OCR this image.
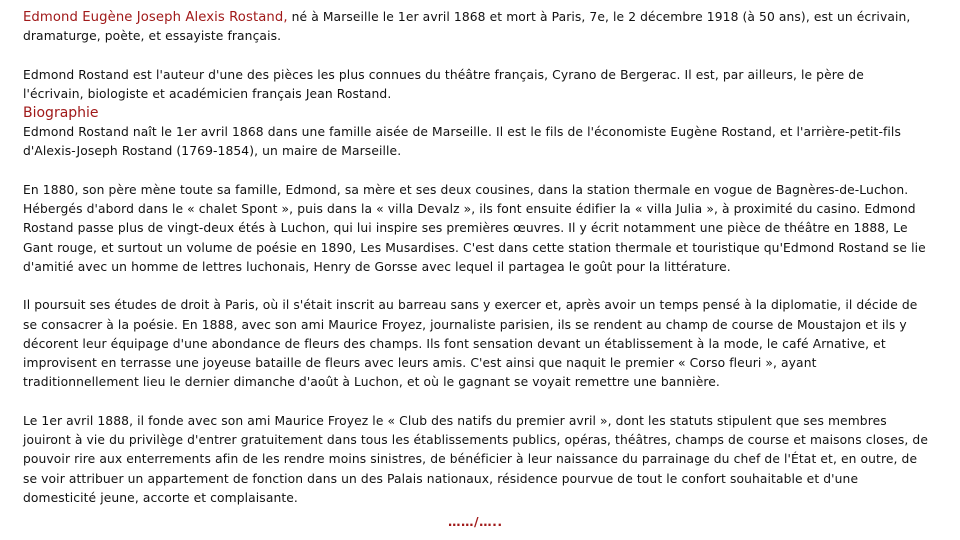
Edmond Eugène Joseph Alexis Rostand, né à Marseille le 1er avril 1868 et mort à Paris, 7e, le 2 décembre 1918 (à 50 ans), est un écrivain, dramaturge, poète, et essayiste français.

Edmond Rostand est l'auteur d'une des pièces les plus connues du théâtre français, Cyrano de Bergerac. Il est, par ailleurs, le père de l'écrivain, biologiste et académicien français Jean Rostand.

Biographie

Edmond Rostand naît le 1er avril 1868 dans une famille aisée de Marseille. Il est le fils de l'économiste Eugène Rostand, et l'arrière-petit-fils d'Alexis-Joseph Rostand (1769-1854), un maire de Marseille.

En 1880, son père mène toute sa famille, Edmond, sa mère et ses deux cousines, dans la station thermale en vogue de Bagnères-de-Luchon. Hébergés d'abord dans le « chalet Spont », puis dans la « villa Devalz », ils font ensuite édifier la « villa Julia », à proximité du casino. Edmond Rostand passe plus de vingt-deux étés à Luchon, qui lui inspire ses premières œuvres. Il y écrit notamment une pièce de théâtre en 1888, Le Gant rouge, et surtout un volume de poésie en 1890, Les Musardises. C'est dans cette station thermale et touristique qu'Edmond Rostand se lie d'amitié avec un homme de lettres luchonais, Henry de Gorsse avec lequel il partagea le goût pour la littérature.

Il poursuit ses études de droit à Paris, où il s'était inscrit au barreau sans y exercer et, après avoir un temps pensé à la diplomatie, il décide de se consacrer à la poésie. En 1888, avec son ami Maurice Froyez, journaliste parisien, ils se rendent au champ de course de Moustajon et ils y décorent leur équipage d'une abondance de fleurs des champs. Ils font sensation devant un établissement à la mode, le café Arnative, et improvisent en terrasse une joyeuse bataille de fleurs avec leurs amis. C'est ainsi que naquit le premier « Corso fleuri », ayant traditionnellement lieu le dernier dimanche d'août à Luchon, et où le gagnant se voyait remettre une bannière.

Le 1er avril 1888, il fonde avec son ami Maurice Froyez le « Club des natifs du premier avril », dont les statuts stipulent que ses membres jouiront à vie du privilège d'entrer gratuitement dans tous les établissements publics, opéras, théâtres, champs de course et maisons closes, de pouvoir rire aux enterrements afin de les rendre moins sinistres, de bénéficier à leur naissance du parrainage du chef de l'État et, en outre, de se voir attribuer un appartement de fonction dans un des Palais nationaux, résidence pourvue de tout le confort souhaitable et d'une domesticité jeune, accorte et complaisante.

……/…..
